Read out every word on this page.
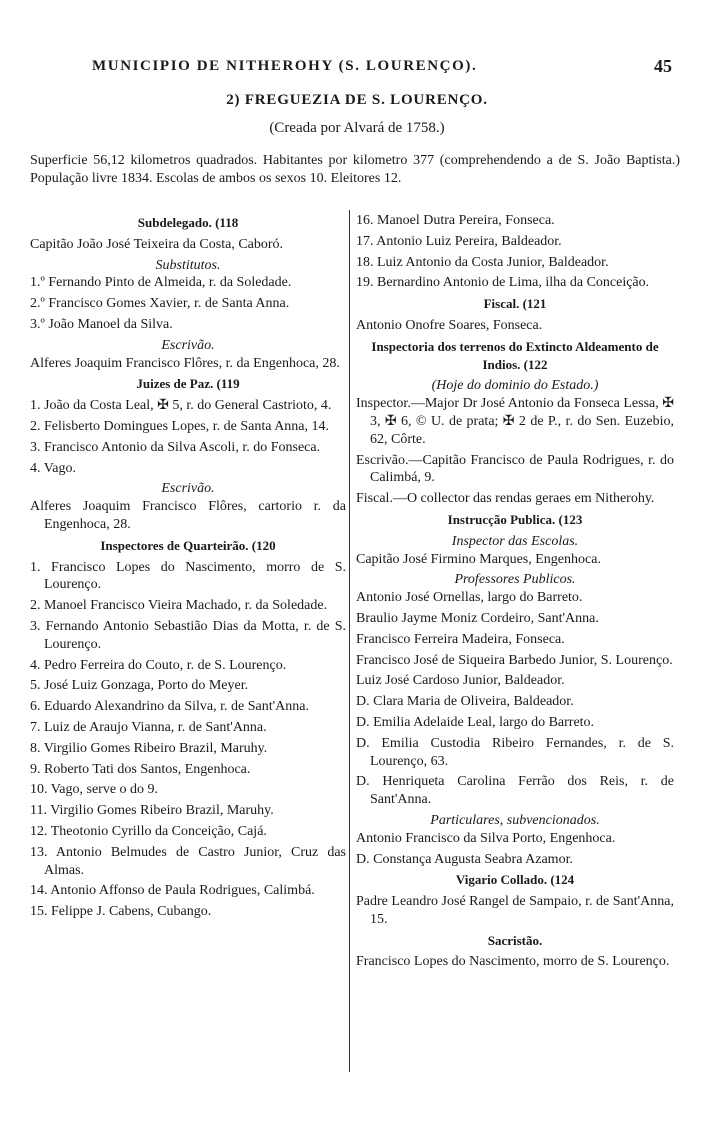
MUNICIPIO DE NITHEROHY (S. LOURENÇO).	45
2) FREGUEZIA DE S. LOURENÇO.
(Creada por Alvará de 1758.)
Superficie 56,12 kilometros quadrados. Habitantes por kilometro 377 (comprehendendo a de S. João Baptista.) População livre 1834. Escolas de ambos os sexos 10. Eleitores 12.
Subdelegado. (118
Capitão João José Teixeira da Costa, Caboró.
Substitutos.
1.º Fernando Pinto de Almeida, r. da Soledade.
2.º Francisco Gomes Xavier, r. de Santa Anna.
3.º João Manoel da Silva.
Escrivão.
Alferes Joaquim Francisco Flôres, r. da Engenhoca, 28.
Juizes de Paz. (119
1. João da Costa Leal, ✠ 5, r. do General Castrioto, 4.
2. Felisberto Domingues Lopes, r. de Santa Anna, 14.
3. Francisco Antonio da Silva Ascoli, r. do Fonseca.
4. Vago.
Escrivão.
Alferes Joaquim Francisco Flôres, cartorio r. da Engenhoca, 28.
Inspectores de Quarteirão. (120
1. Francisco Lopes do Nascimento, morro de S. Lourenço.
2. Manoel Francisco Vieira Machado, r. da Soledade.
3. Fernando Antonio Sebastião Dias da Motta, r. de S. Lourenço.
4. Pedro Ferreira do Couto, r. de S. Lourenço.
5. José Luiz Gonzaga, Porto do Meyer.
6. Eduardo Alexandrino da Silva, r. de Sant'Anna.
7. Luiz de Araujo Vianna, r. de Sant'Anna.
8. Virgilio Gomes Ribeiro Brazil, Maruhy.
9. Roberto Tati dos Santos, Engenhoca.
10. Vago, serve o do 9.
11. Virgilio Gomes Ribeiro Brazil, Maruhy.
12. Theotonio Cyrillo da Conceição, Cajá.
13. Antonio Belmudes de Castro Junior, Cruz das Almas.
14. Antonio Affonso de Paula Rodrigues, Calimbá.
15. Felippe J. Cabens, Cubango.
16. Manoel Dutra Pereira, Fonseca.
17. Antonio Luiz Pereira, Baldeador.
18. Luiz Antonio da Costa Junior, Baldeador.
19. Bernardino Antonio de Lima, ilha da Conceição.
Fiscal. (121
Antonio Onofre Soares, Fonseca.
Inspectoria dos terrenos do Extincto Aldeamento de Indios. (122
(Hoje do dominio do Estado.)
Inspector.—Major Dr José Antonio da Fonseca Lessa, ✠ 3, ✠ 6, © U. de prata; ✠ 2 de P., r. do Sen. Euzebio, 62, Côrte.
Escrivão.—Capitão Francisco de Paula Rodrigues, r. do Calimbá, 9.
Fiscal.—O collector das rendas geraes em Nitherohy.
Instrucção Publica. (123
Inspector das Escolas.
Capitão José Firmino Marques, Engenhoca.
Professores Publicos.
Antonio José Ornellas, largo do Barreto.
Braulio Jayme Moniz Cordeiro, Sant'Anna.
Francisco Ferreira Madeira, Fonseca.
Francisco José de Siqueira Barbedo Junior, S. Lourenço.
Luiz José Cardoso Junior, Baldeador.
D. Clara Maria de Oliveira, Baldeador.
D. Emilia Adelaide Leal, largo do Barreto.
D. Emilia Custodia Ribeiro Fernandes, r. de S. Lourenço, 63.
D. Henriqueta Carolina Ferrão dos Reis, r. de Sant'Anna.
Particulares, subvencionados.
Antonio Francisco da Silva Porto, Engenhoca.
D. Constança Augusta Seabra Azamor.
Vigario Collado. (124
Padre Leandro José Rangel de Sampaio, r. de Sant'Anna, 15.
Sacristão.
Francisco Lopes do Nascimento, morro de S. Lourenço.
